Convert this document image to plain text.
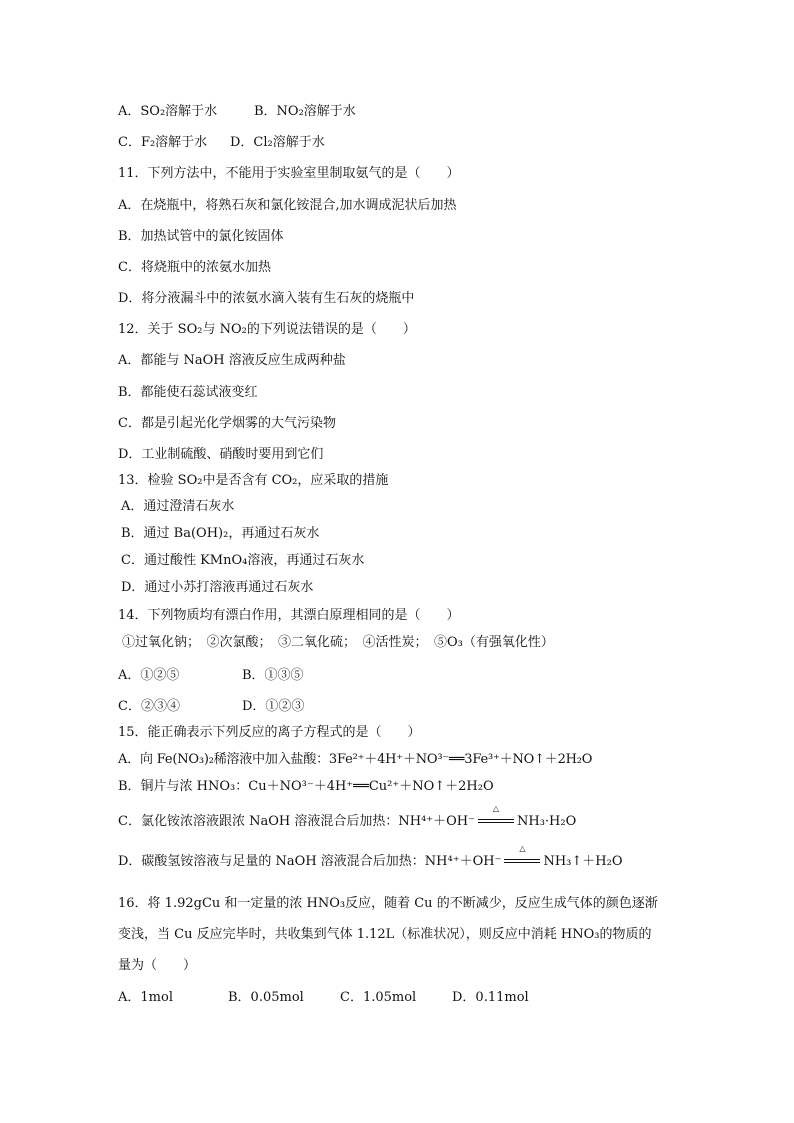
A．SO₂溶解于水	B．NO₂溶解于水
C．F₂溶解于水 D．Cl₂溶解于水
11．下列方法中，不能用于实验室里制取氨气的是（　　）
A．在烧瓶中，将熟石灰和氯化铵混合,加水调成泥状后加热
B．加热试管中的氯化铵固体
C．将烧瓶中的浓氨水加热
D．将分液漏斗中的浓氨水滴入装有生石灰的烧瓶中
12．关于 SO₂与 NO₂的下列说法错误的是（　　）
A．都能与 NaOH 溶液反应生成两种盐
B．都能使石蕊试液变红
C．都是引起光化学烟雾的大气污染物
D．工业制硫酸、硝酸时要用到它们
13．检验 SO₂中是否含有 CO₂，应采取的措施
A．通过澄清石灰水
B．通过 Ba(OH)₂，再通过石灰水
C．通过酸性 KMnO₄溶液，再通过石灰水
D．通过小苏打溶液再通过石灰水
14．下列物质均有漂白作用，其漂白原理相同的是（　　）
①过氧化钠；　②次氯酸；　③二氧化硫；　④活性炭；　⑤O₃（有强氧化性）
A．①②⑤	B．①③⑤
C．②③④	D．①②③
15．能正确表示下列反应的离子方程式的是（　　）
A．向 Fe(NO₃)₂稀溶液中加入盐酸：3Fe²⁺＋4H⁺＋NO³⁻══3Fe³⁺＋NO↑＋2H₂O
B．铜片与浓 HNO₃：Cu＋NO³⁻＋4H⁺══Cu²⁺＋NO↑＋2H₂O
C．氯化铵浓溶液跟浓 NaOH 溶液混合后加热：NH⁴⁺＋OH⁻
△
NH₃·H₂O
D．碳酸氢铵溶液与足量的 NaOH 溶液混合后加热：NH⁴⁺＋OH⁻
△
NH₃↑＋H₂O
16．将 1.92gCu 和一定量的浓 HNO₃反应，随着 Cu 的不断减少，反应生成气体的颜色逐渐
变浅，当 Cu 反应完毕时，共收集到气体 1.12L（标准状况），则反应中消耗 HNO₃的物质的
量为（　　）
A．1mol	B．0.05mol	C．1.05mol	D．0.11mol
